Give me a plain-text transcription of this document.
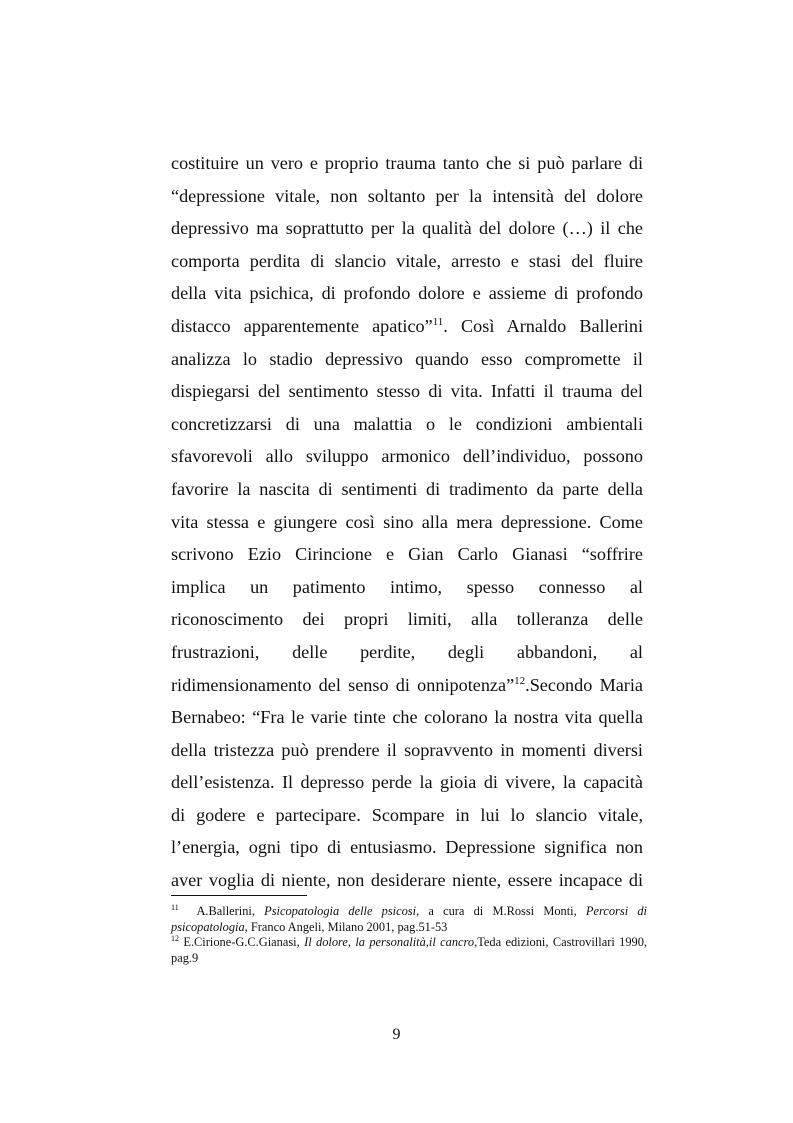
costituire un vero e proprio trauma tanto che si può parlare di
“depressione vitale, non soltanto per la intensità del dolore
depressivo ma soprattutto per la qualità del dolore (…) il che
comporta perdita di slancio vitale, arresto e stasi del fluire
della vita psichica, di profondo dolore e assieme di profondo
distacco apparentemente apatico”$^{11}$. Così Arnaldo Ballerini
analizza lo stadio depressivo quando esso compromette il
dispiegarsi del sentimento stesso di vita. Infatti il trauma del
concretizzarsi di una malattia o le condizioni ambientali
sfavorevoli allo sviluppo armonico dell’individuo, possono
favorire la nascita di sentimenti di tradimento da parte della
vita stessa e giungere così sino alla mera depressione. Come
scrivono Ezio Cirincione e Gian Carlo Gianasi “soffrire
implica un patimento intimo, spesso connesso al
riconoscimento dei propri limiti, alla tolleranza delle
frustrazioni, delle perdite, degli abbandoni, al
ridimensionamento del senso di onnipotenza”$^{12}$.Secondo Maria
Bernabeo: “Fra le varie tinte che colorano la nostra vita quella
della tristezza può prendere il sopravvento in momenti diversi
dell’esistenza. Il depresso perde la gioia di vivere, la capacità
di godere e partecipare. Scompare in lui lo slancio vitale,
l’energia, ogni tipo di entusiasmo. Depressione significa non
aver voglia di niente, non desiderare niente, essere incapace di

$^{11}$ A.Ballerini, Psicopatologia delle psicosi, a cura di M.Rossi Monti, Percorsi di psicopatologia, Franco Angeli, Milano 2001, pag.51-53

$^{12}$ E.Cirione-G.C.Gianasi, Il dolore, la personalità,il cancro,Teda edizioni, Castrovillari 1990, pag.9

9
